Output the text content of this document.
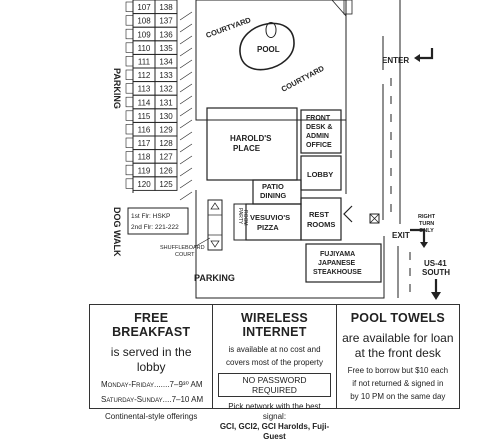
107 138
108 137
109 136
110 135
111 134
112 133
113 132
114 131
115 130
116 129
117 128
118 127
119 126
120 125
PARKING
DOG WALK
POOL
COURTYARD
COURTYARD
HAROLD'S
PLACE
FRONT
DESK &
ADMIN
OFFICE
LOBBY
PATIO
DINING
VESUVIO'S
PIZZA
PARTY ROOM	REST
ROOMS
FUJIYAMA
JAPANESE
STEAKHOUSE
1st Flr: HSKP
2nd Flr: 221-222
SHUFFLEBOARD
COURT
PARKING
ENTER
EXIT
RIGHT
TURN
ONLY
US-41
SOUTH
FREE BREAKFAST
is served in the lobby
Monday-Friday.......7–9³⁰ AM
Saturday-Sunday....7–10 AM
Continental-style offerings
WIRELESS INTERNET
is available at no cost and
covers most of the property
NO PASSWORD REQUIRED
Pick network with the best signal:
GCI, GCI2, GCI Harolds, Fuji-Guest
POOL TOWELS
are available for loan
at the front desk
Free to borrow but $10 each
if not returned & signed in
by 10 PM on the same day
